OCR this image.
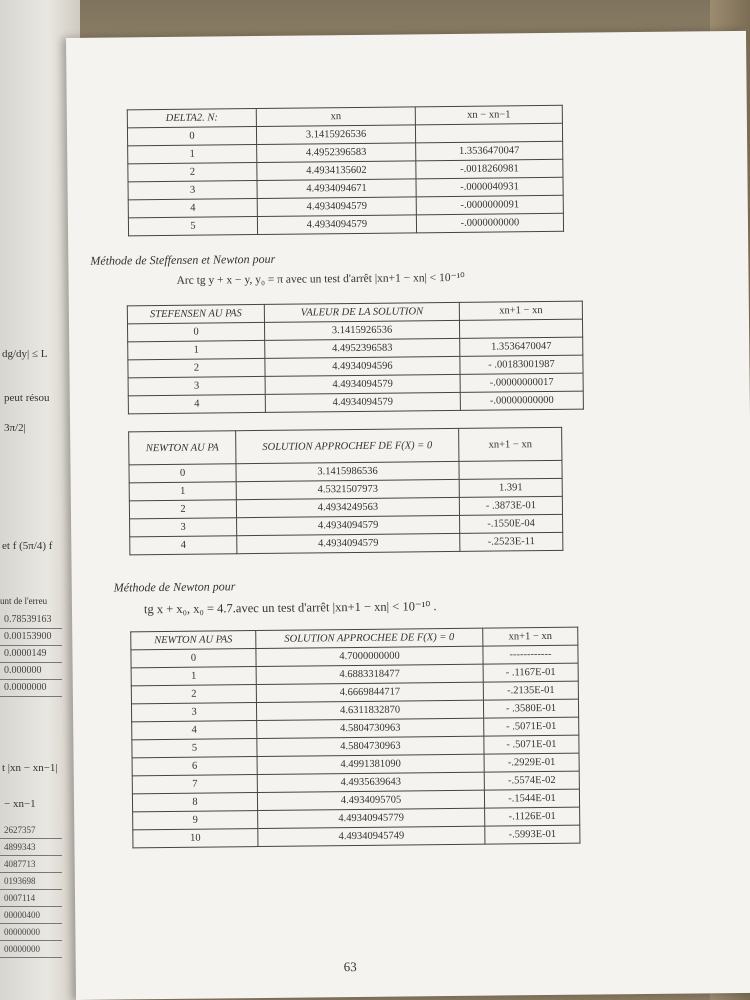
dg/dy| ≤ L
peut résou
3π/2|
et f (5π/4) f
unt de l'erreu
0.78539163
0.00153900
0.0000149
0.000000
0.0000000
t |xn − xn−1|
− xn−1
2627357
4899343
4087713
0193698
0007114
00000400
00000000
00000000
DELTA2. N:	xn	xn − xn−1
0	3.1415926536	
1	4.4952396583	1.3536470047
2	4.4934135602	-.0018260981
3	4.4934094671	-.0000040931
4	4.4934094579	-.0000000091
5	4.4934094579	-.0000000000
Méthode de Steffensen et Newton pour
Arc tg y + x − y, y₀ = π avec un test d'arrêt |xn+1 − xn| < 10⁻¹⁰
STEFENSEN AU PAS	VALEUR DE LA SOLUTION	xn+1 − xn
0	3.1415926536	
1	4.4952396583	1.3536470047
2	4.4934094596	- .00183001987
3	4.4934094579	-.00000000017
4	4.4934094579	-.00000000000
NEWTON AU PA	SOLUTION APPROCHEF DE F(X) = 0	xn+1 − xn
0	3.1415986536	
1	4.5321507973	1.391
2	4.4934249563	- .3873E-01
3	4.4934094579	-.1550E-04
4	4.4934094579	-.2523E-11
Méthode de Newton pour
tg x + x₀, x₀ = 4.7.avec un test d'arrêt |xn+1 − xn| < 10⁻¹⁰ .
NEWTON AU PAS	SOLUTION APPROCHEE DE F(X) = 0	xn+1 − xn
0	4.7000000000	------------
1	4.6883318477	- .1167E-01
2	4.6669844717	-.2135E-01
3	4.6311832870	- .3580E-01
4	4.5804730963	- .5071E-01
5	4.5804730963	- .5071E-01
6	4.4991381090	-.2929E-01
7	4.4935639643	-.5574E-02
8	4.4934095705	-.1544E-01
9	4.49340945779	-.1126E-01
10	4.49340945749	-.5993E-01
63
